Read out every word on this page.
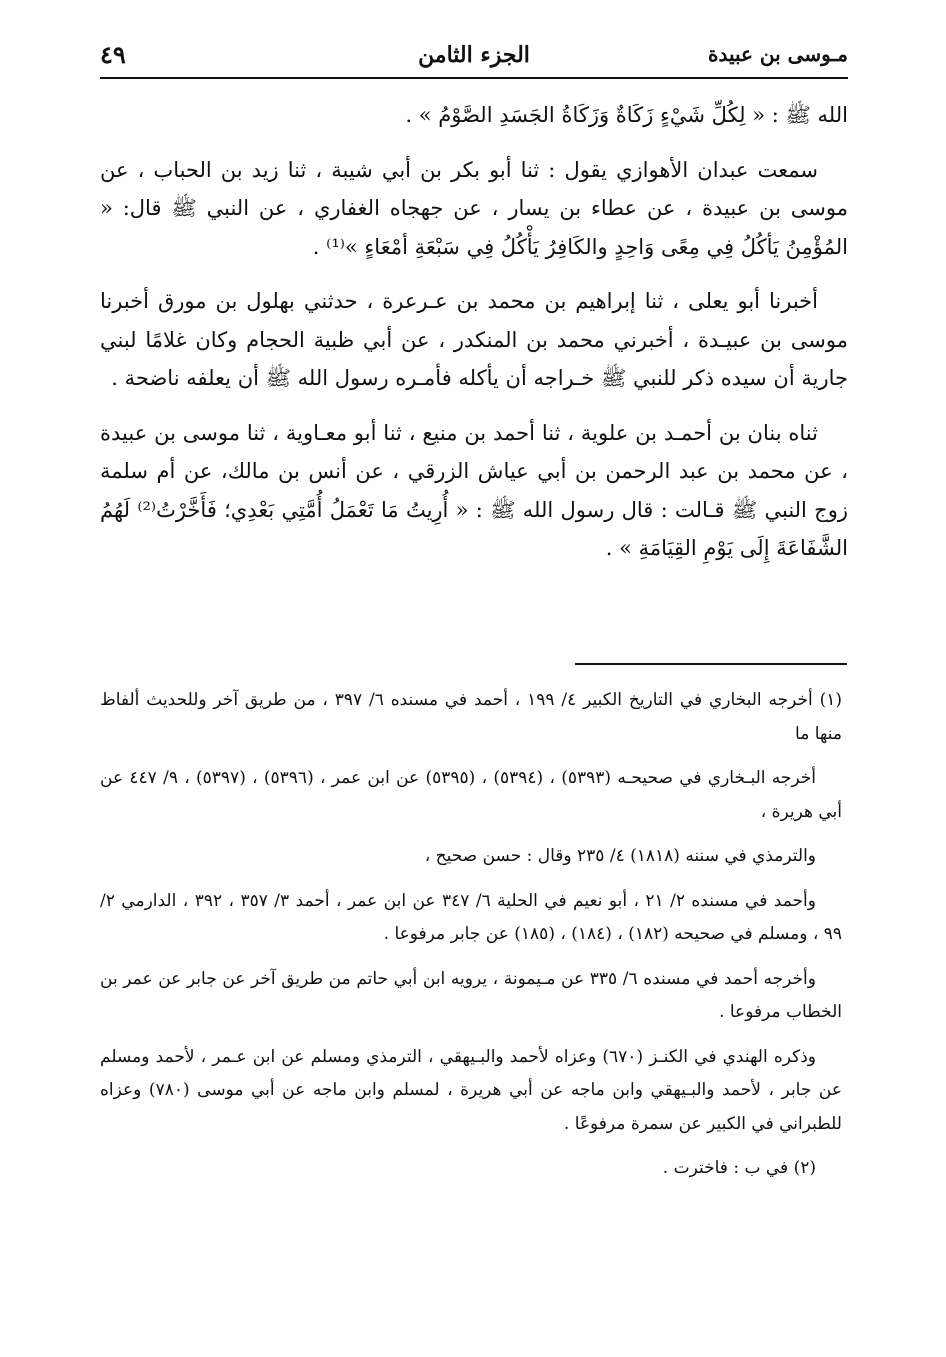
مـوسى بن عبيدة
الجزء الثامن
٤٩

الله ﷺ : « لِكُلِّ شَيْءٍ زَكَاةٌ وَزَكَاةُ الجَسَدِ الصَّوْمُ » .

سمعت عبدان الأهوازي يقول : ثنا أبو بكر بن أبي شيبة ، ثنا زيد بن الحباب ، عن موسى بن عبيدة ، عن عطاء بن يسار ، عن جهجاه الغفاري ، عن النبي ﷺ قال: « المُؤْمِنُ يَأكُلُ فِي مِعًى وَاحِدٍ والكَافِرُ يَأْكُلُ فِي سَبْعَةِ أمْعَاءٍ »⁽¹⁾ .

أخبرنا أبو يعلى ، ثنا إبراهيم بن محمد بن عـرعرة ، حدثني بهلول بن مورق أخبرنا موسى بن عبيـدة ، أخبرني محمد بن المنكدر ، عن أبي ظبية الحجام وكان غلامًا لبني جارية أن سيده ذكر للنبي ﷺ خـراجه أن يأكله فأمـره رسول الله ﷺ أن يعلفه ناضحة .

ثناه بنان بن أحمـد بن علوية ، ثنا أحمد بن منيع ، ثنا أبو معـاوية ، ثنا موسى بن عبيدة ، عن محمد بن عبد الرحمن بن أبي عياش الزرقي ، عن أنس بن مالك، عن أم سلمة زوج النبي ﷺ قـالت : قال رسول الله ﷺ : « أُرِيتُ مَا تَعْمَلُ أُمَّتِي بَعْدِي؛ فَأَخَّرْتُ⁽²⁾ لَهُمُ الشَّفَاعَةَ إِلَى يَوْمِ القِيَامَةِ » .

(١) أخرجه البخاري في التاريخ الكبير ٤/ ١٩٩ ، أحمد في مسنده ٦/ ٣٩٧ ، من طريق آخر وللحديث ألفاظ منها ما

أخرجه البـخاري في صحيحـه (٥٣٩٣) ، (٥٣٩٤) ، (٥٣٩٥) عن ابن عمر ، (٥٣٩٦) ، (٥٣٩٧) ، ٩/ ٤٤٧ عن أبي هريرة ،

والترمذي في سننه (١٨١٨) ٤/ ٢٣٥ وقال : حسن صحيح ،

وأحمد في مسنده ٢/ ٢١ ، أبو نعيم في الحلية ٦/ ٣٤٧ عن ابن عمر ، أحمد ٣/ ٣٥٧ ، ٣٩٢ ، الدارمي ٢/ ٩٩ ، ومسلم في صحيحه (١٨٢) ، (١٨٤) ، (١٨٥) عن جابر مرفوعا .

وأخرجه أحمد في مسنده ٦/ ٣٣٥ عن مـيمونة ، يرويه ابن أبي حاتم من طريق آخر عن جابر عن عمر بن الخطاب مرفوعا .

وذكره الهندي في الكنـز (٦٧٠) وعزاه لأحمد والبـيهقي ، الترمذي ومسلم عن ابن عـمر ، لأحمد ومسلم عن جابر ، لأحمد والبـيهقي وابن ماجه عن أبي هريرة ، لمسلم وابن ماجه عن أبي موسى (٧٨٠) وعزاه للطبراني في الكبير عن سمرة مرفوعًا .

(٢) في ب : فاخترت .
